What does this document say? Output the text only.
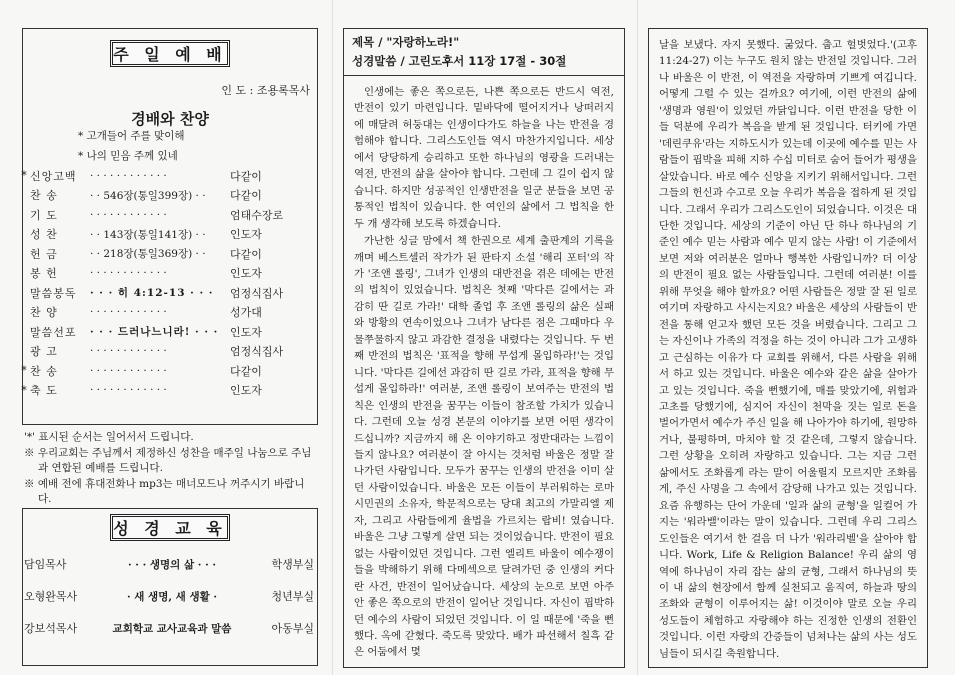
주 일 예 배
인 도 : 조용록목사
경배와 찬양
* 고개들어 주를 맞이해
* 나의 믿음 주께 있네
* 신앙고백	· · · · · · · · · · · ·	다같이
찬 송	· · 546장(통일399장) · ·	다같이
기 도	· · · · · · · · · · · ·	엄태수장로
성 찬	· · 143장(통일141장) · ·	인도자
헌 금	· · 218장(통일369장) · ·	다같이
봉 헌	· · · · · · · · · · · ·	인도자
말씀봉독	· · · 히 4:12-13 · · ·	엄정식집사
찬 양	· · · · · · · · · · · ·	성가대
말씀선포	· · · 드러나느니라! · · ·	인도자
광 고	· · · · · · · · · · · ·	엄정식집사
* 찬 송	· · · · · · · · · · · ·	다같이
* 축 도	· · · · · · · · · · · ·	인도자

'*' 표시된 순서는 일어서서 드립니다.

※ 우리교회는 주님께서 제정하신 성찬을 매주일 나눔으로 주님과 연합된 예배를 드립니다.

※ 예배 전에 휴대전화나 mp3는 매너모드나 꺼주시기 바랍니다.

성 경 교 육
담임목사	· · · 생명의 삶 · · ·	학생부실
오형완목사	· 새 생명, 새 생활 ·	청년부실
강보석목사	교회학교 교사교육과 말씀	아동부실
제목 / "자랑하노라!"
성경말씀 / 고린도후서 11장 17절 - 30절

인생에는 좋은 쪽으로든, 나쁜 쪽으로든 반드시 역전, 반전이 있기 마련입니다. 밑바닥에 떨어지거나 낭떠러지에 매달려 허둥대는 인생이다가도 하늘을 나는 반전을 경험해야 합니다. 그리스도인들 역시 마찬가지입니다. 세상에서 당당하게 승리하고 또한 하나님의 영광을 드러내는 역전, 반전의 삶을 살아야 합니다. 그런데 그 길이 쉽지 않습니다. 하지만 성공적인 인생반전을 일군 분들을 보면 공통적인 법칙이 있습니다. 한 여인의 삶에서 그 법칙을 한두 개 생각해 보도록 하겠습니다.

가난한 싱글 맘에서 책 한권으로 세계 출판계의 기록을 깨며 베스트셀러 작가가 된 판타지 소설 '해리 포터'의 작가 '조앤 롤링', 그녀가 인생의 대반전을 겪은 데에는 반전의 법칙이 있었습니다. 법칙은 첫째 '막다른 길에서는 과감히 딴 길로 가라!' 대학 졸업 후 조앤 롤링의 삶은 실패와 방황의 연속이었으나 그녀가 남다른 점은 그때마다 우물쭈물하지 않고 과감한 결정을 내렸다는 것입니다. 두 번째 반전의 법칙은 '표적을 향해 무섭게 몰입하라!'는 것입니다. '막다른 길에선 과감히 딴 길로 가라, 표적을 향해 무섭게 몰입하라!' 여러분, 조앤 롤링이 보여주는 반전의 법칙은 인생의 반전을 꿈꾸는 이들이 참조할 가치가 있습니다. 그런데 오늘 성경 본문의 이야기를 보면 어떤 생각이 드십니까? 지금까지 해 온 이야기하고 정반대라는 느낌이 들지 않나요? 여러분이 잘 아시는 것처럼 바울은 정말 잘 나가던 사람입니다. 모두가 꿈꾸는 인생의 반전을 이미 살던 사람이었습니다. 바울은 모든 이들이 부러워하는 로마시민권의 소유자, 학문적으로는 당대 최고의 가말리엘 제자, 그리고 사람들에게 율법을 가르치는 랍비! 였습니다. 바울은 그냥 그렇게 살면 되는 것이었습니다. 반전이 필요 없는 사람이었던 것입니다. 그런 엘리트 바울이 예수쟁이들을 박해하기 위해 다메섹으로 달려가던 중 인생의 커다란 사건, 반전이 일어났습니다. 세상의 눈으로 보면 아주 안 좋은 쪽으로의 반전이 일어난 것입니다. 자신이 핍박하던 예수의 사람이 되었던 것입니다. 이 일 때문에 '죽을 뻔 했다. 옥에 갇혔다. 죽도록 맞았다. 배가 파선해서 칠흑 같은 어둠에서 몇

날을 보냈다. 자지 못했다. 굶었다. 춥고 헐벗었다.'(고후 11:24-27) 이는 누구도 원치 않는 반전일 것입니다. 그러나 바울은 이 반전, 이 역전을 자랑하며 기쁘게 여깁니다. 어떻게 그럴 수 있는 걸까요? 여기에, 이런 반전의 삶에 '생명과 영원'이 있었던 까닭입니다. 이런 반전을 당한 이들 덕분에 우리가 복음을 받게 된 것입니다. 터키에 가면 '데린쿠유'라는 지하도시가 있는데 이곳에 예수를 믿는 사람들이 핍박을 피해 지하 수십 미터로 숨어 들어가 평생을 살았습니다. 바로 예수 신앙을 지키기 위해서입니다. 그런 그들의 헌신과 수고로 오늘 우리가 복음을 접하게 된 것입니다. 그래서 우리가 그리스도인이 되었습니다. 이것은 대단한 것입니다. 세상의 기준이 아닌 단 하나 하나님의 기준인 예수 믿는 사람과 예수 믿지 않는 사람! 이 기준에서 보면 저와 여러분은 얼마나 행복한 사람입니까? 더 이상의 반전이 필요 없는 사람들입니다. 그런데 여러분! 이를 위해 무엇을 해야 할까요? 어떤 사람들은 정말 잘 된 일로 여기며 자랑하고 사시는지요? 바울은 세상의 사람들이 반전을 통해 얻고자 했던 모든 것을 버렸습니다. 그리고 그는 자신이나 가족의 걱정을 하는 것이 아니라 그가 고생하고 근심하는 이유가 다 교회를 위해서, 다른 사람을 위해서 하고 있는 것입니다. 바울은 예수와 같은 삶을 살아가고 있는 것입니다. 죽을 뻔했기에, 매를 맞았기에, 위험과 고초를 당했기에, 심지어 자신이 천막을 짓는 일로 돈을 벌어가면서 예수가 주신 일을 해 나아가야 하기에, 원망하거나, 불평하며, 마치야 할 것 같은데, 그렇지 않습니다. 그런 상황을 오히려 자랑하고 있습니다. 그는 지금 그런 삶에서도 조화롭게 라는 말이 어울릴지 모르지만 조화롭게, 주신 사명을 그 속에서 감당해 나가고 있는 것입니다. 요즘 유행하는 단어 가운데 '일과 삶의 균형'을 일컬어 가지는 '워라밸'이라는 말이 있습니다. 그런데 우리 그리스도인들은 여기서 한 걸음 더 나가 '워라리벨'을 살아야 합니다. Work, Life & Religion Balance! 우리 삶의 영역에 하나님이 자리 잡는 삶의 균형, 그래서 하나님의 뜻이 내 삶의 현장에서 함께 실천되고 움직여, 하늘과 땅의 조화와 균형이 이루어지는 삶! 이것이야 말로 오늘 우리 성도들이 체험하고 자랑해야 하는 진정한 인생의 전환인 것입니다. 이런 자랑의 간증들이 넘쳐나는 삶의 사는 성도님들이 되시길 축원합니다.
